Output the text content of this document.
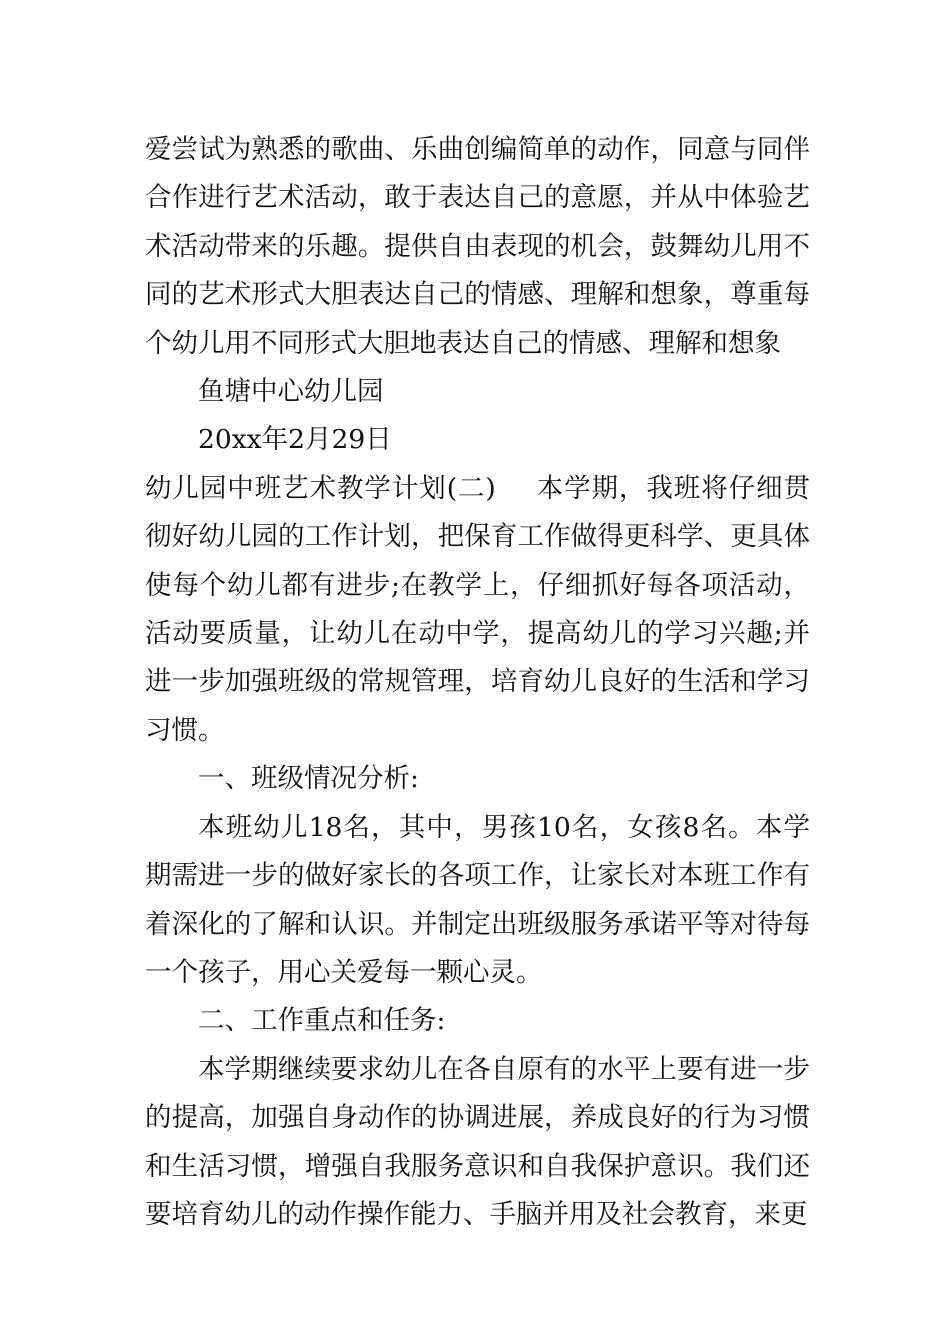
爱尝试为熟悉的歌曲、乐曲创编简单的动作，同意与同伴合作进行艺术活动，敢于表达自己的意愿，并从中体验艺术活动带来的乐趣。提供自由表现的机会，鼓舞幼儿用不同的艺术形式大胆表达自己的情感、理解和想象，尊重每个幼儿用不同形式大胆地表达自己的情感、理解和想象

鱼塘中心幼儿园

20xx年2月29日

幼儿园中班艺术教学计划(二) 本学期，我班将仔细贯彻好幼儿园的工作计划，把保育工作做得更科学、更具体使每个幼儿都有进步;在教学上，仔细抓好每各项活动，活动要质量，让幼儿在动中学，提高幼儿的学习兴趣;并进一步加强班级的常规管理，培育幼儿良好的生活和学习习惯。

一、班级情况分析:

本班幼儿18名，其中，男孩10名，女孩8名。本学期需进一步的做好家长的各项工作，让家长对本班工作有着深化的了解和认识。并制定出班级服务承诺平等对待每一个孩子，用心关爱每一颗心灵。

二、工作重点和任务:

本学期继续要求幼儿在各自原有的水平上要有进一步的提高，加强自身动作的协调进展，养成良好的行为习惯和生活习惯，增强自我服务意识和自我保护意识。我们还要培育幼儿的动作操作能力、手脑并用及社会教育，来更
